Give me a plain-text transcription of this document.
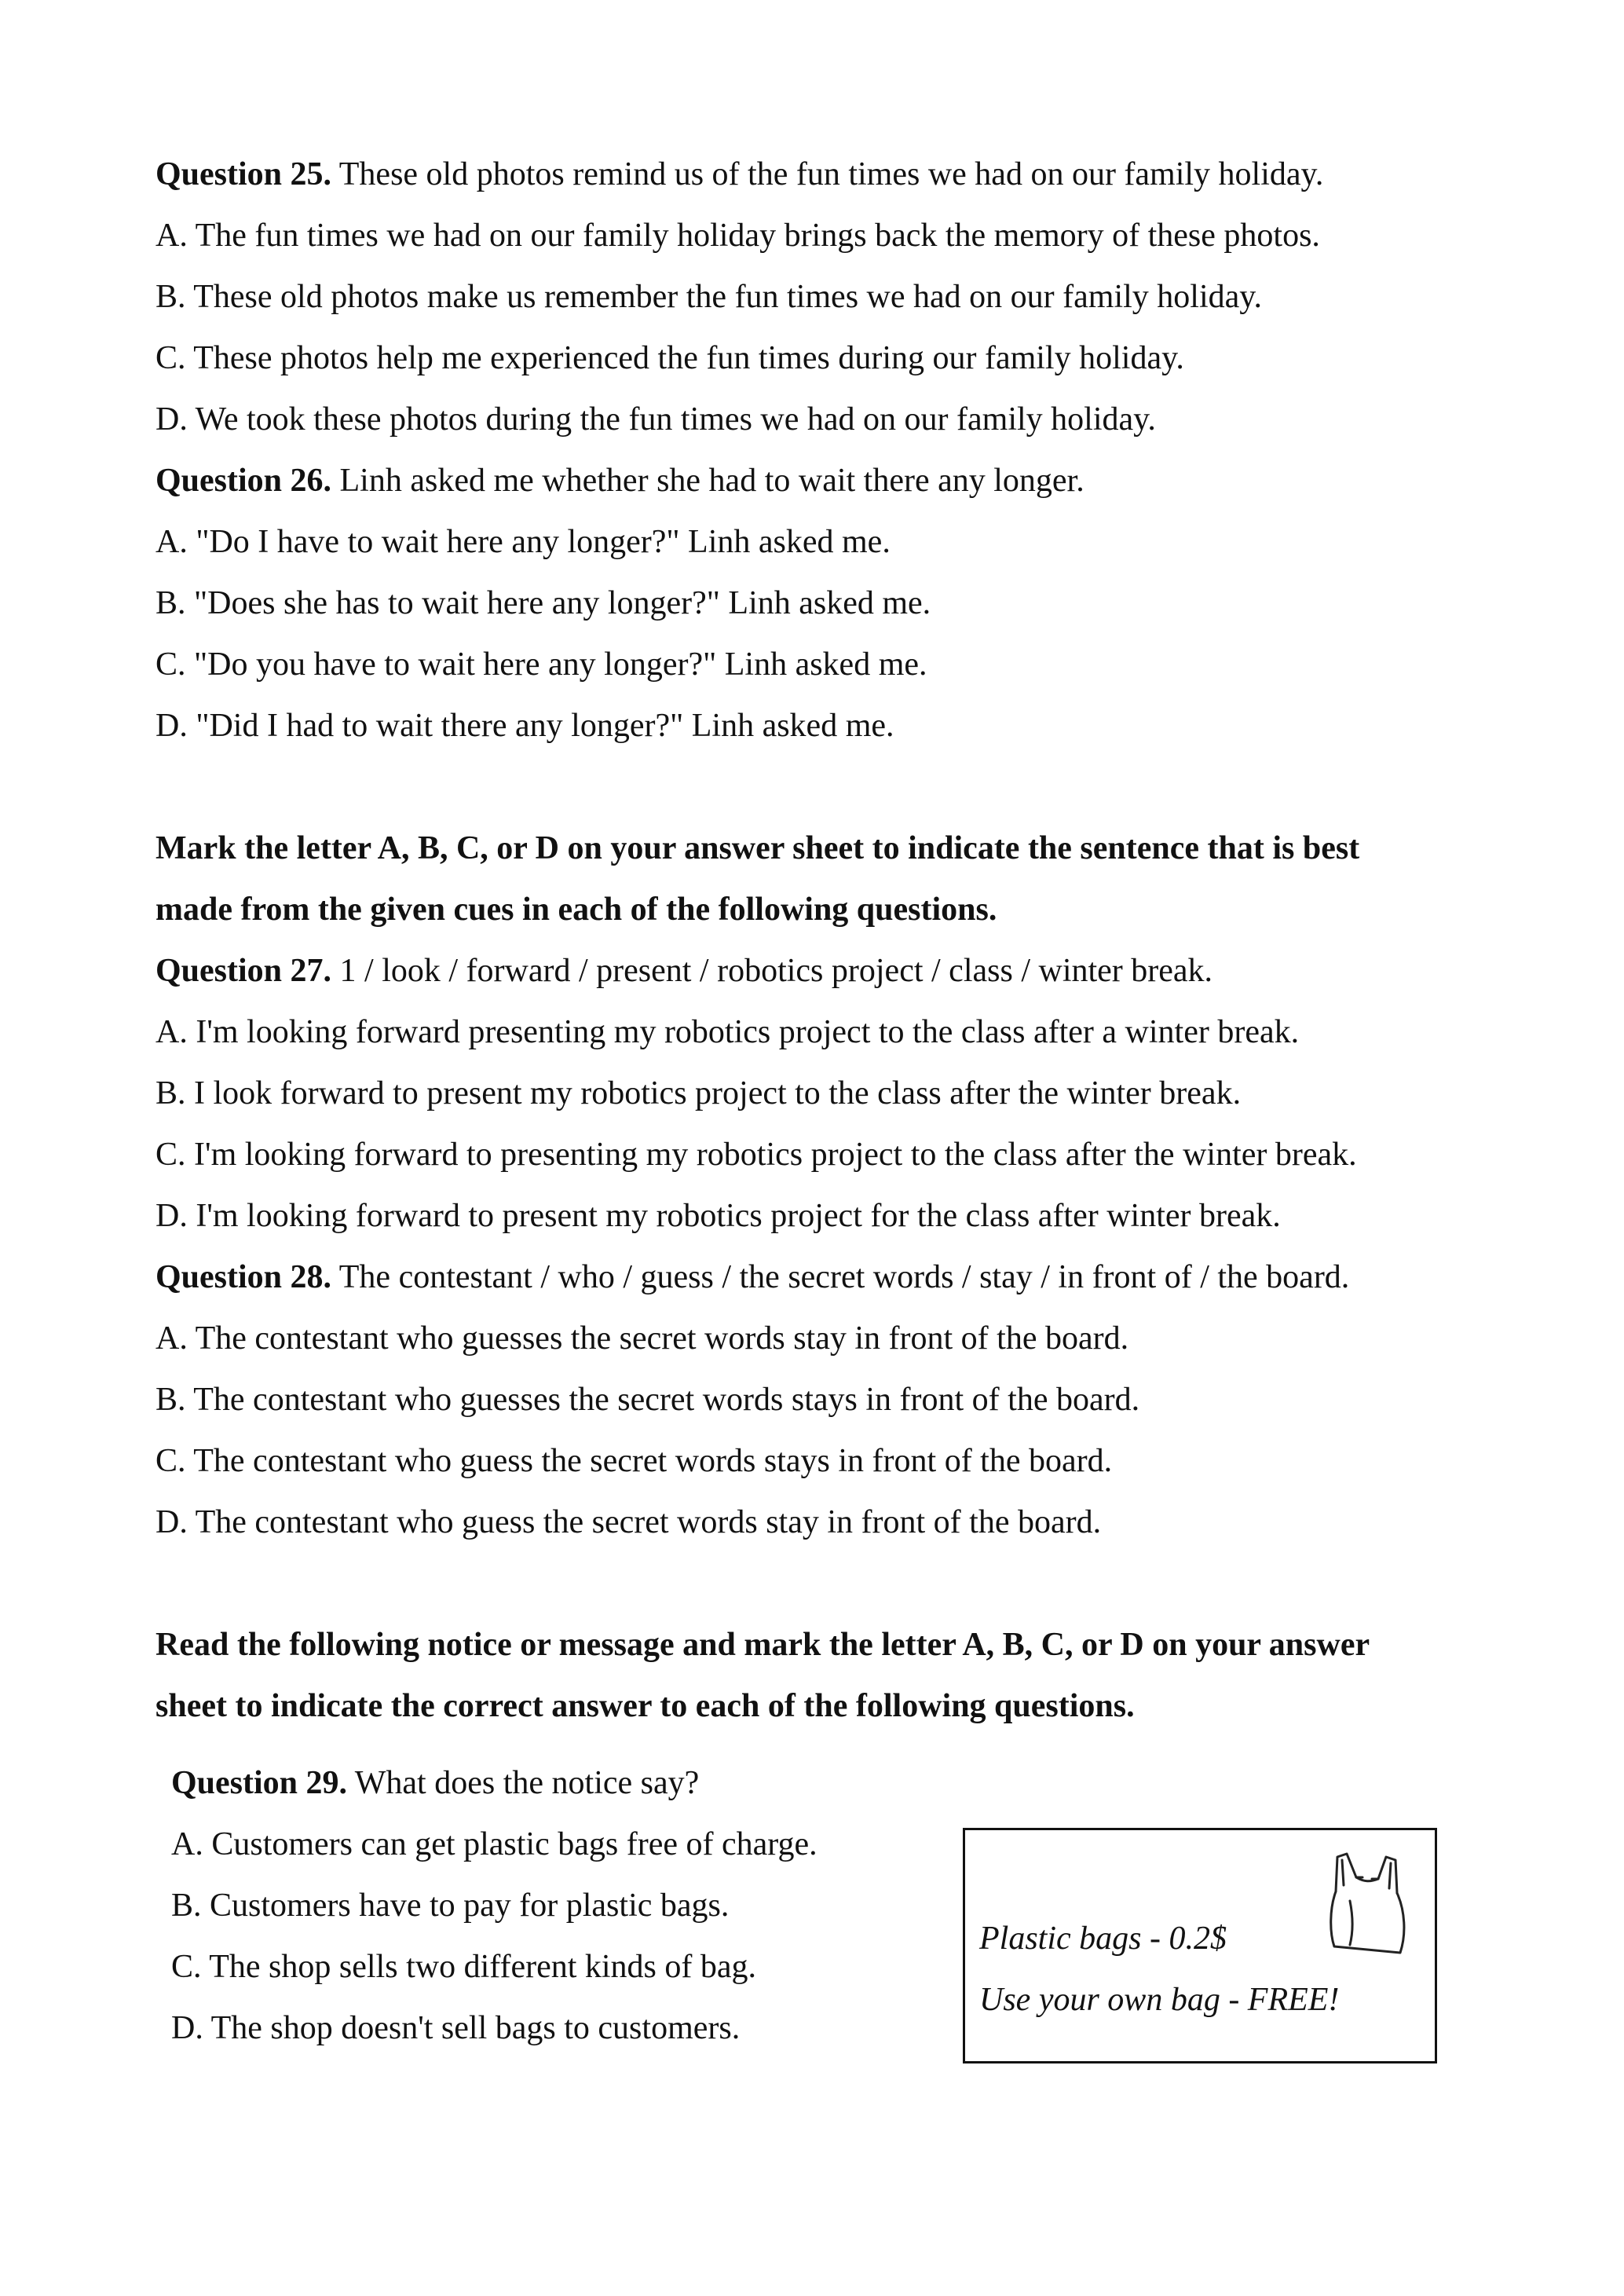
Question 25. These old photos remind us of the fun times we had on our family holiday.
A. The fun times we had on our family holiday brings back the memory of these photos.
B. These old photos make us remember the fun times we had on our family holiday.
C. These photos help me experienced the fun times during our family holiday.
D. We took these photos during the fun times we had on our family holiday.
Question 26. Linh asked me whether she had to wait there any longer.
A. "Do I have to wait here any longer?" Linh asked me.
B. "Does she has to wait here any longer?" Linh asked me.
C. "Do you have to wait here any longer?" Linh asked me.
D. "Did I had to wait there any longer?" Linh asked me.
Mark the letter A, B, C, or D on your answer sheet to indicate the sentence that is best
made from the given cues in each of the following questions.
Question 27. 1 / look / forward / present / robotics project / class / winter break.
A. I'm looking forward presenting my robotics project to the class after a winter break.
B. I look forward to present my robotics project to the class after the winter break.
C. I'm looking forward to presenting my robotics project to the class after the winter break.
D. I'm looking forward to present my robotics project for the class after winter break.
Question 28. The contestant / who / guess / the secret words / stay / in front of / the board.
A. The contestant who guesses the secret words stay in front of the board.
B. The contestant who guesses the secret words stays in front of the board.
C. The contestant who guess the secret words stays in front of the board.
D. The contestant who guess the secret words stay in front of the board.
Read the following notice or message and mark the letter A, B, C, or D on your answer
sheet to indicate the correct answer to each of the following questions.
Question 29. What does the notice say?
A. Customers can get plastic bags free of charge.
B. Customers have to pay for plastic bags.
C. The shop sells two different kinds of bag.
D. The shop doesn't sell bags to customers.
Plastic bags - 0.2$
Use your own bag - FREE!
